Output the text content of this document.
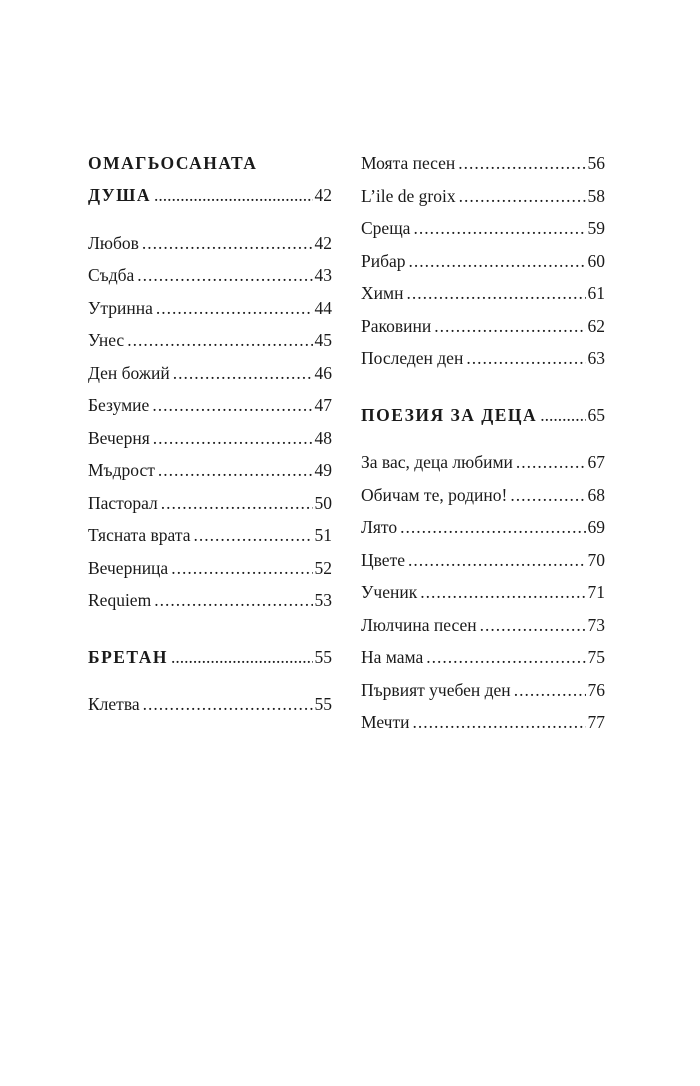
ОМАГЬОСАНАТА
ДУША .....	42
Любов .....	42
Съдба .....	43
Утринна .....	44
Унес .....	45
Ден божий .....	46
Безумие .....	47
Вечерня .....	48
Мъдрост .....	49
Пасторал .....	50
Тясната врата .....	51
Вечерница .....	52
Requiem .....	53
БРЕТАН .....	55
Клетва .....	55
Моята песен .....	56
L’ile de groix .....	58
Среща .....	59
Рибар .....	60
Химн .....	61
Раковини .....	62
Последен ден .....	63
ПОЕЗИЯ ЗА ДЕЦА .....	65
За вас, деца любими .....	67
Обичам те, родино! .....	68
Лято .....	69
Цвете .....	70
Ученик .....	71
Люлчина песен .....	73
На мама .....	75
Първият учебен ден .....	76
Мечти .....	77
